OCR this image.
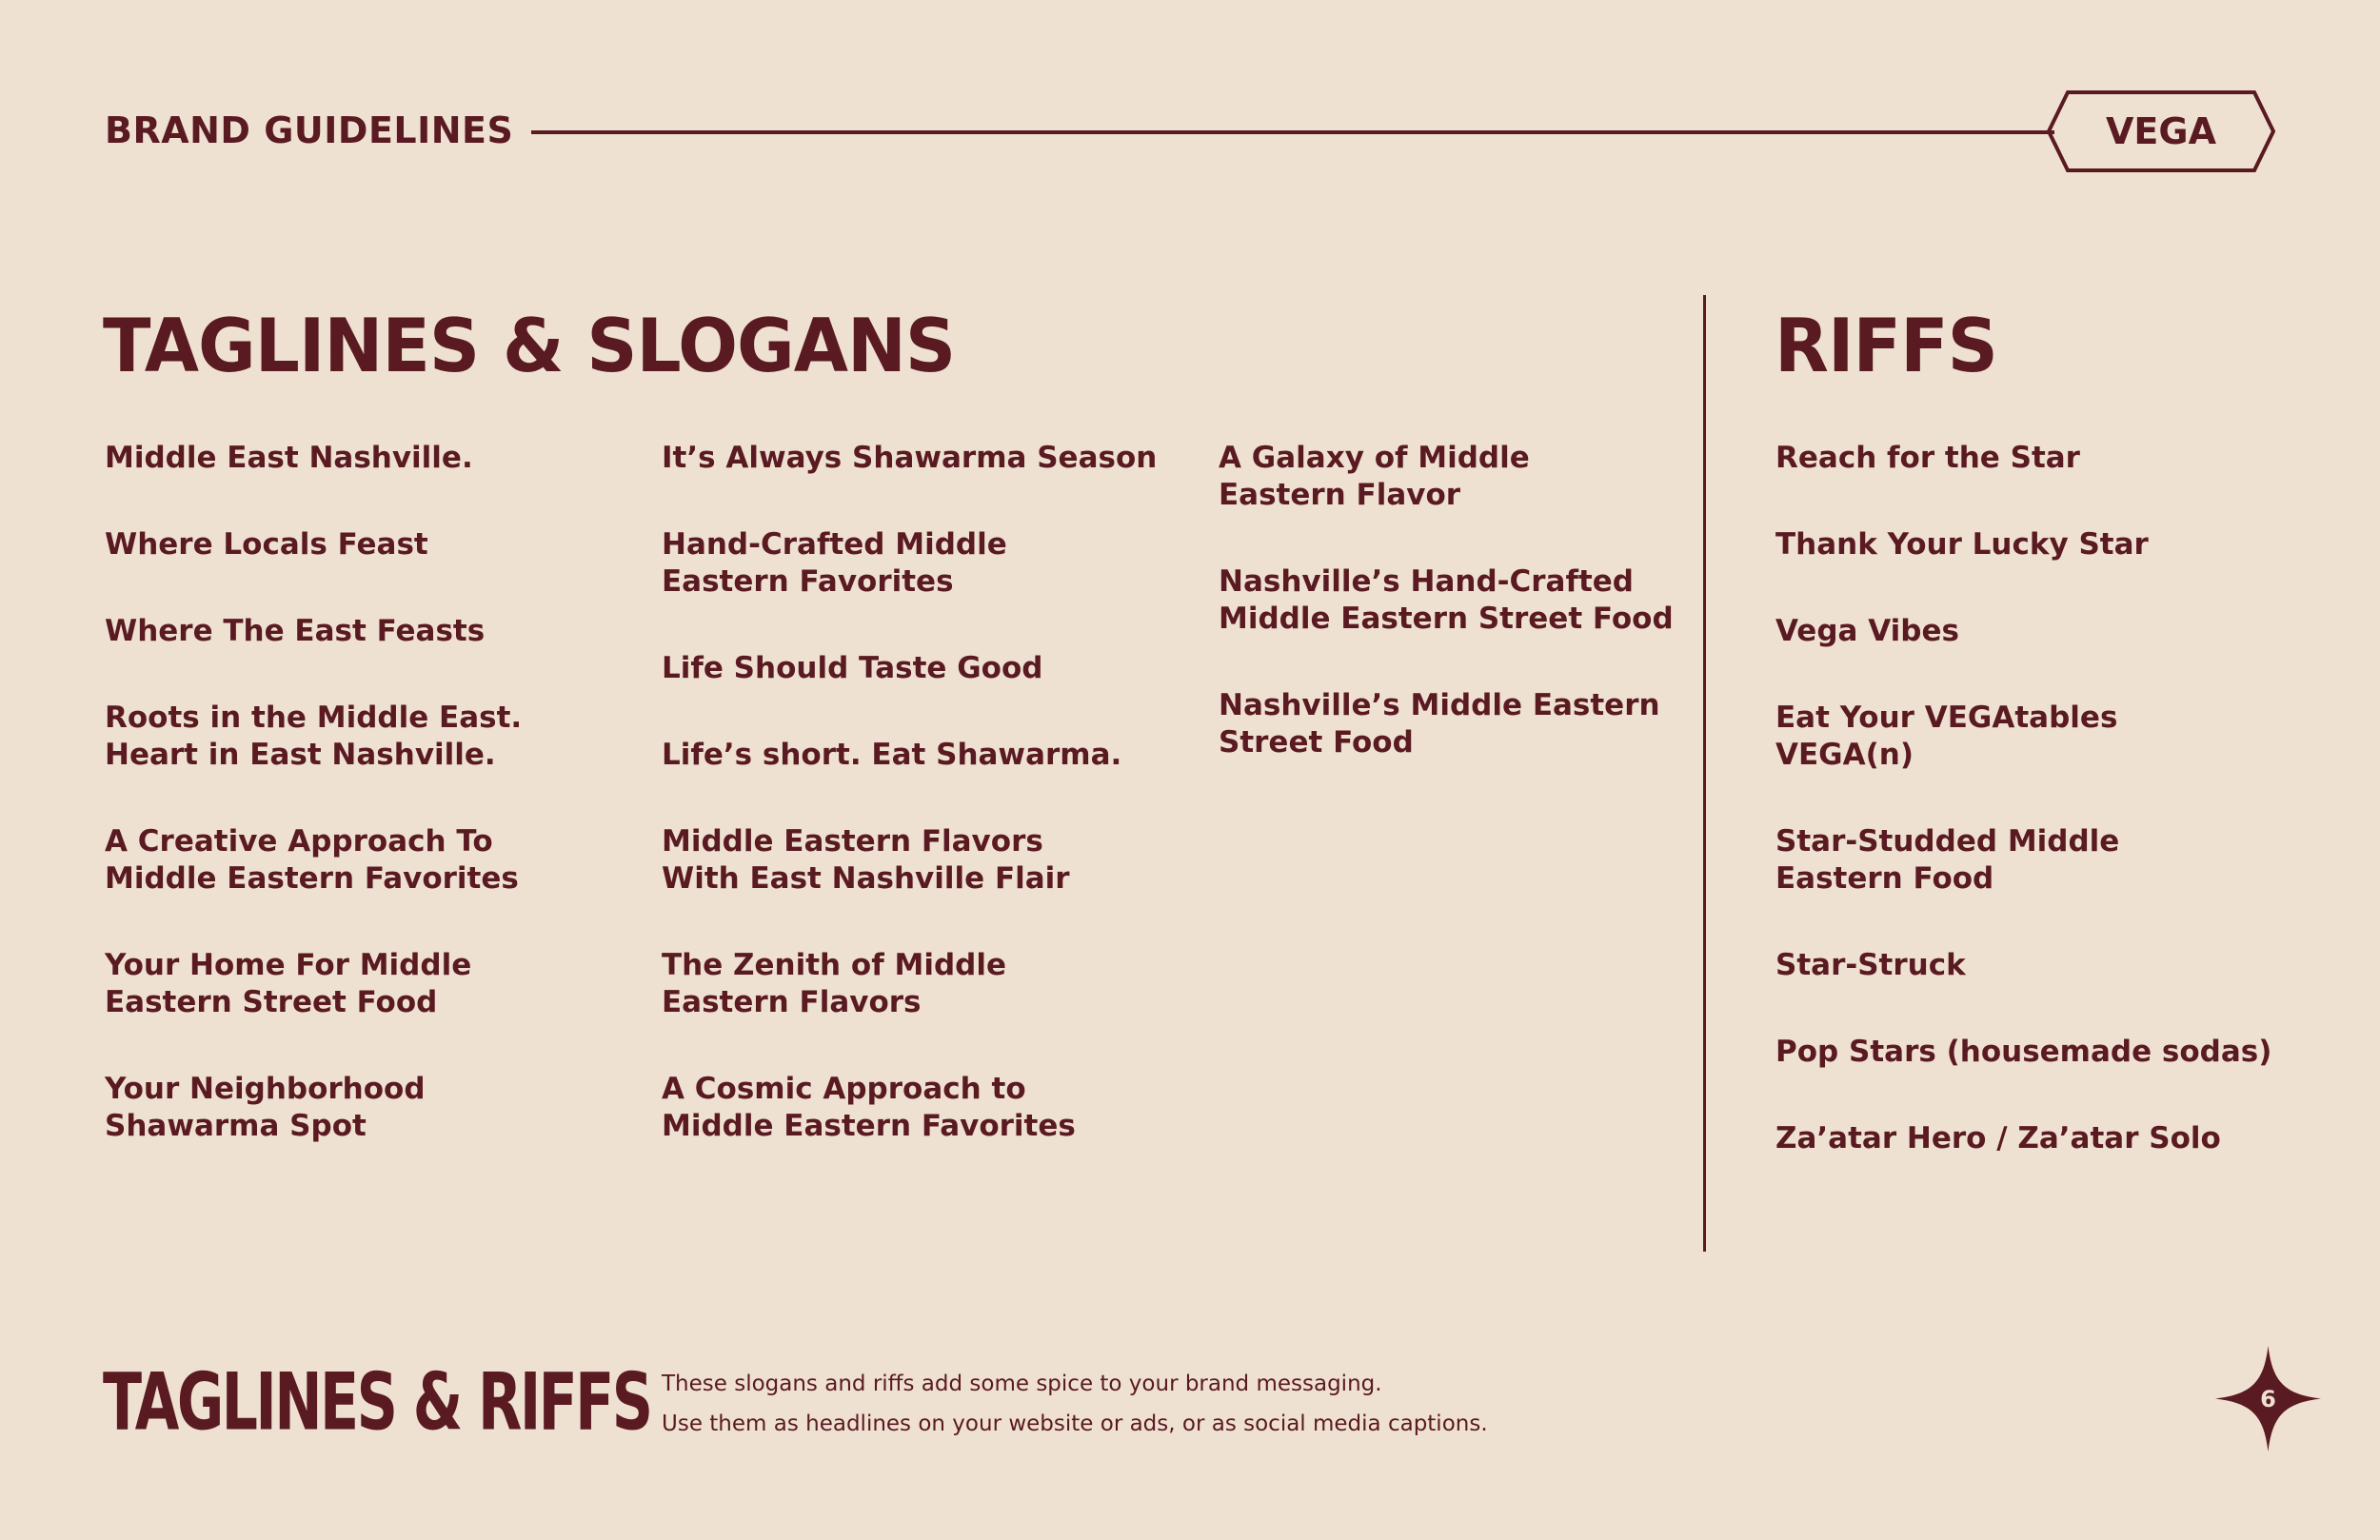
BRAND GUIDELINES	VEGA
TAGLINES & SLOGANS	RIFFS
Middle East Nashville.
Where Locals Feast
Where The East Feasts
Roots in the Middle East.
Heart in East Nashville.
A Creative Approach To
Middle Eastern Favorites
Your Home For Middle
Eastern Street Food
Your Neighborhood
Shawarma Spot
It’s Always Shawarma Season
Hand-Crafted Middle
Eastern Favorites
Life Should Taste Good
Life’s short. Eat Shawarma.
Middle Eastern Flavors
With East Nashville Flair
The Zenith of Middle
Eastern Flavors
A Cosmic Approach to
Middle Eastern Favorites
A Galaxy of Middle
Eastern Flavor
Nashville’s Hand-Crafted
Middle Eastern Street Food
Nashville’s Middle Eastern
Street Food
Reach for the Star
Thank Your Lucky Star
Vega Vibes
Eat Your VEGAtables
VEGA(n)
Star-Studded Middle
Eastern Food
Star-Struck
Pop Stars (housemade sodas)
Za’atar Hero / Za’atar Solo
TAGLINES & RIFFS These slogans and riffs add some spice to your brand messaging.
Use them as headlines on your website or ads, or as social media captions.
6
